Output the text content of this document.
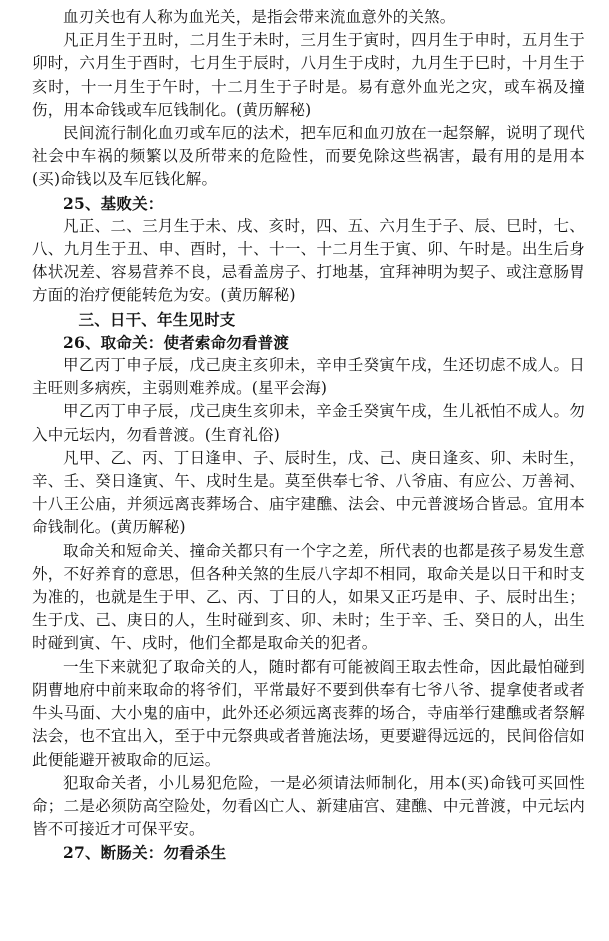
血刃关也有人称为血光关，是指会带来流血意外的关煞。

凡正月生于丑时，二月生于未时，三月生于寅时，四月生于申时，五月生于卯时，六月生于酉时，七月生于辰时，八月生于戌时，九月生于巳时，十月生于亥时，十一月生于午时，十二月生于子时是。易有意外血光之灾，或车祸及撞伤，用本命钱或车厄钱制化。(黄历解秘)

民间流行制化血刃或车厄的法术，把车厄和血刃放在一起祭解，说明了现代社会中车祸的频繁以及所带来的危险性，而要免除这些祸害，最有用的是用本(买)命钱以及车厄钱化解。

25、基败关：

凡正、二、三月生于未、戌、亥时，四、五、六月生于子、辰、巳时，七、八、九月生于丑、申、酉时，十、十一、十二月生于寅、卯、午时是。出生后身体状况差、容易营养不良，忌看盖房子、打地基，宜拜神明为契子、或注意肠胃方面的治疗便能转危为安。(黄历解秘)

三、日干、年生见时支

26、取命关：使者索命勿看普渡

甲乙丙丁申子辰，戊己庚主亥卯未，辛申壬癸寅午戌，生还切虑不成人。日主旺则多病疾，主弱则难养成。(星平会海)

甲乙丙丁申子辰，戊己庚生亥卯未，辛金壬癸寅午戌，生儿祇怕不成人。勿入中元坛内，勿看普渡。(生育礼俗)

凡甲、乙、丙、丁日逢申、子、辰时生，戊、己、庚日逢亥、卯、未时生，辛、壬、癸日逢寅、午、戌时生是。莫至供奉七爷、八爷庙、有应公、万善祠、十八王公庙，并须远离丧葬场合、庙宇建醮、法会、中元普渡场合皆忌。宜用本命钱制化。(黄历解秘)

取命关和短命关、撞命关都只有一个字之差，所代表的也都是孩子易发生意外，不好养育的意思，但各种关煞的生辰八字却不相同，取命关是以日干和时支为准的，也就是生于甲、乙、丙、丁日的人，如果又正巧是申、子、辰时出生；生于戊、己、庚日的人，生时碰到亥、卯、未时；生于辛、壬、癸日的人，出生时碰到寅、午、戌时，他们全都是取命关的犯者。

一生下来就犯了取命关的人，随时都有可能被阎王取去性命，因此最怕碰到阴曹地府中前来取命的将爷们，平常最好不要到供奉有七爷八爷、提拿使者或者牛头马面、大小鬼的庙中，此外还必须远离丧葬的场合，寺庙举行建醮或者祭解法会，也不宜出入，至于中元祭典或者普施法场，更要避得远远的，民间俗信如此便能避开被取命的厄运。

犯取命关者，小儿易犯危险，一是必须请法师制化，用本(买)命钱可买回性命；二是必须防高空险处，勿看凶亡人、新建庙宫、建醮、中元普渡，中元坛内皆不可接近才可保平安。

27、断肠关：勿看杀生
